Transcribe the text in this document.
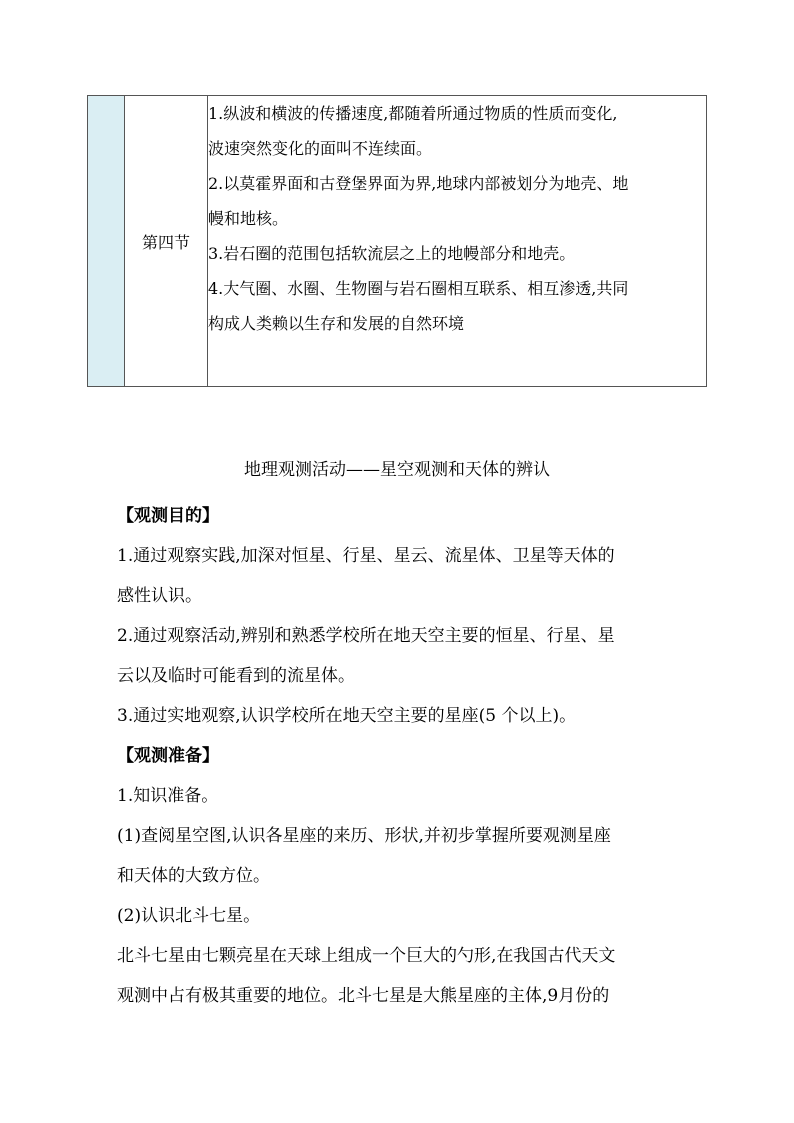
	第四节	

1.纵波和横波的传播速度,都随着所通过物质的性质而变化,

波速突然变化的面叫不连续面。

2.以莫霍界面和古登堡界面为界,地球内部被划分为地壳、地

幔和地核。

3.岩石圈的范围包括软流层之上的地幔部分和地壳。

4.大气圈、水圈、生物圈与岩石圈相互联系、相互渗透,共同

构成人类赖以生存和发展的自然环境

地理观测活动——星空观测和天体的辨认

【观测目的】

1.通过观察实践,加深对恒星、行星、星云、流星体、卫星等天体的

感性认识。

2.通过观察活动,辨别和熟悉学校所在地天空主要的恒星、行星、星

云以及临时可能看到的流星体。

3.通过实地观察,认识学校所在地天空主要的星座(5 个以上)。

【观测准备】

1.知识准备。

(1)查阅星空图,认识各星座的来历、形状,并初步掌握所要观测星座

和天体的大致方位。

(2)认识北斗七星。

北斗七星由七颗亮星在天球上组成一个巨大的勺形,在我国古代天文

观测中占有极其重要的地位。北斗七星是大熊星座的主体,9月份的
